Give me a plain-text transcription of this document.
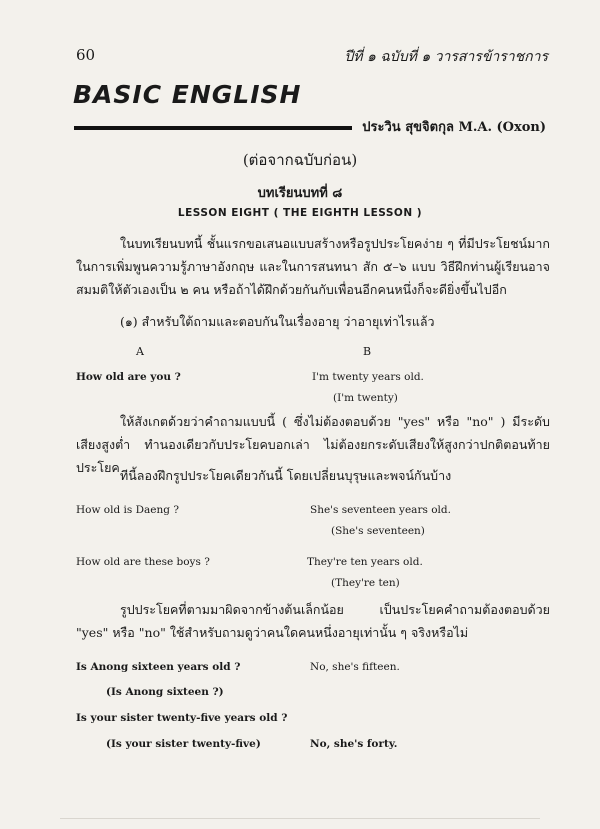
60	ปีที่ ๑ ฉบับที่ ๑ วารสารข้าราชการ
BASIC ENGLISH
ประวิน สุขจิตกุล M.A. (Oxon)
(ต่อจากฉบับก่อน)
บทเรียนบทที่ ๘
LESSON EIGHT ( THE EIGHTH LESSON )
ในบทเรียนบทนี้ ชั้นแรกขอเสนอแบบสร้างหรือรูปประโยคง่าย ๆ ที่มีประโยชน์มากในการเพิ่มพูนความรู้ภาษาอังกฤษ และในการสนทนา สัก ๕–๖ แบบ วิธีฝึกท่านผู้เรียนอาจสมมติให้ตัวเองเป็น ๒ คน หรือถ้าได้ฝึกด้วยกันกับเพื่อนอีกคนหนึ่งก็จะดียิ่งขึ้นไปอีก
(๑) สำหรับใต้ถามและตอบกันในเรื่องอายุ ว่าอายุเท่าไรแล้ว
A	B
How old are you ?	I'm twenty years old.
(I'm twenty)
ให้สังเกตด้วยว่าคำถามแบบนี้ ( ซึ่งไม่ต้องตอบด้วย "yes" หรือ "no" ) มีระดับเสียงสูงต่ำ ทำนองเดียวกับประโยคบอกเล่า ไม่ต้องยกระดับเสียงให้สูงกว่าปกติตอนท้ายประโยค
ทีนี้ลองฝึกรูปประโยคเดียวกันนี้ โดยเปลี่ยนบุรุษและพจน์กันบ้าง
How old is Daeng ?	She's seventeen years old.
(She's seventeen)
How old are these boys ?	They're ten years old.
(They're ten)
รูปประโยคที่ตามมาผิดจากข้างต้นเล็กน้อย เป็นประโยคคำถามต้องตอบด้วย "yes" หรือ "no" ใช้สำหรับถามดูว่าคนใดคนหนึ่งอายุเท่านั้น ๆ จริงหรือไม่
Is Anong sixteen years old ?	No, she's fifteen.
(Is Anong sixteen ?)
Is your sister twenty-five years old ?
(Is your sister twenty-five)	No, she's forty.
